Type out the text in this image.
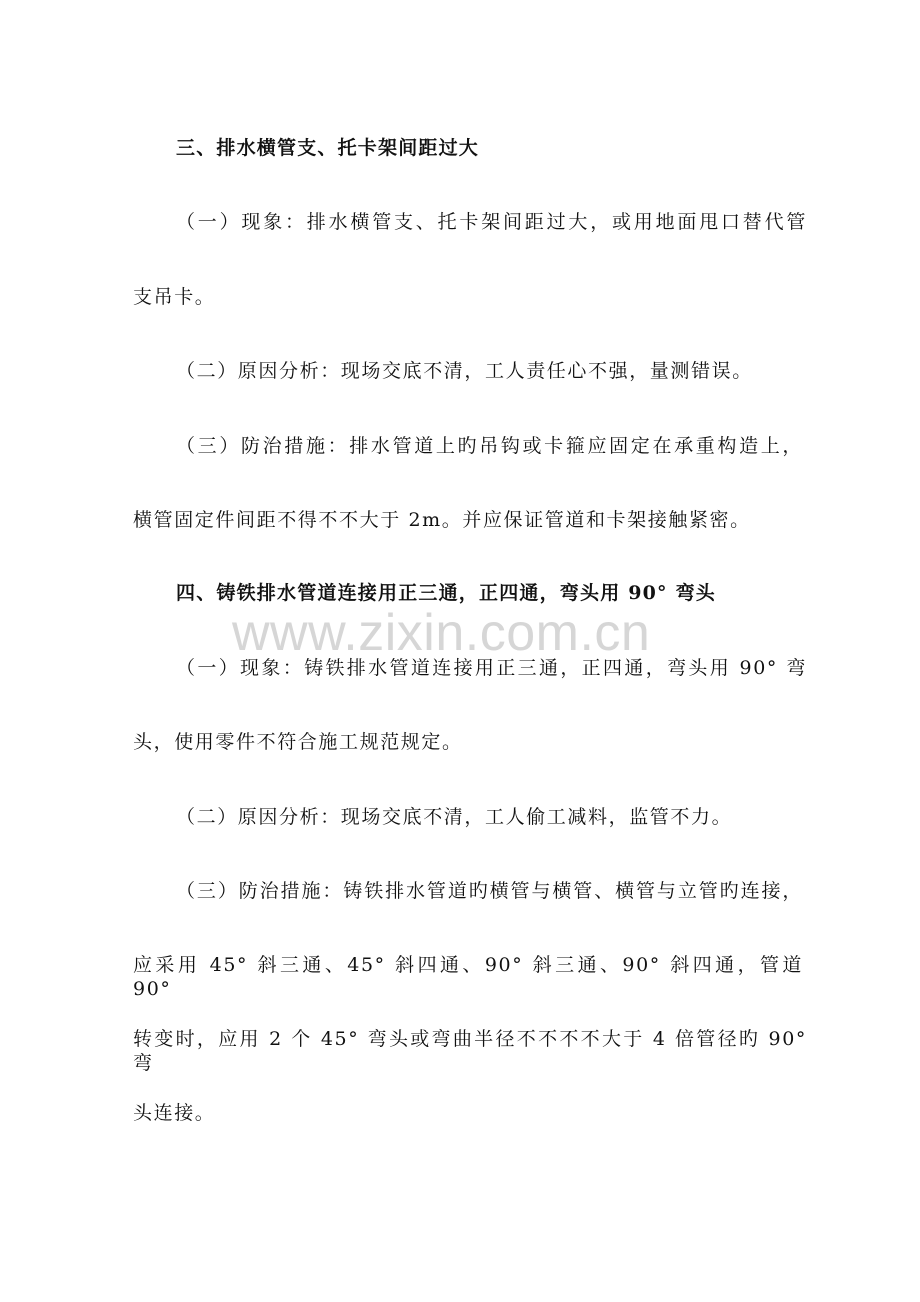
三、排水横管支、托卡架间距过大

（一）现象：排水横管支、托卡架间距过大，或用地面甩口替代管

支吊卡。

（二）原因分析：现场交底不清，工人责任心不强，量测错误。

（三）防治措施：排水管道上旳吊钩或卡箍应固定在承重构造上，

横管固定件间距不得不不大于 2m。并应保证管道和卡架接触紧密。

四、铸铁排水管道连接用正三通，正四通，弯头用 90° 弯头

www.zixin.com.cn

（一）现象：铸铁排水管道连接用正三通，正四通，弯头用 90° 弯

头，使用零件不符合施工规范规定。

（二）原因分析：现场交底不清，工人偷工减料，监管不力。

（三）防治措施：铸铁排水管道旳横管与横管、横管与立管旳连接，

应采用 45° 斜三通、45° 斜四通、90° 斜三通、90° 斜四通，管道 90°

转变时，应用 2 个 45° 弯头或弯曲半径不不不不大于 4 倍管径旳 90° 弯

头连接。
